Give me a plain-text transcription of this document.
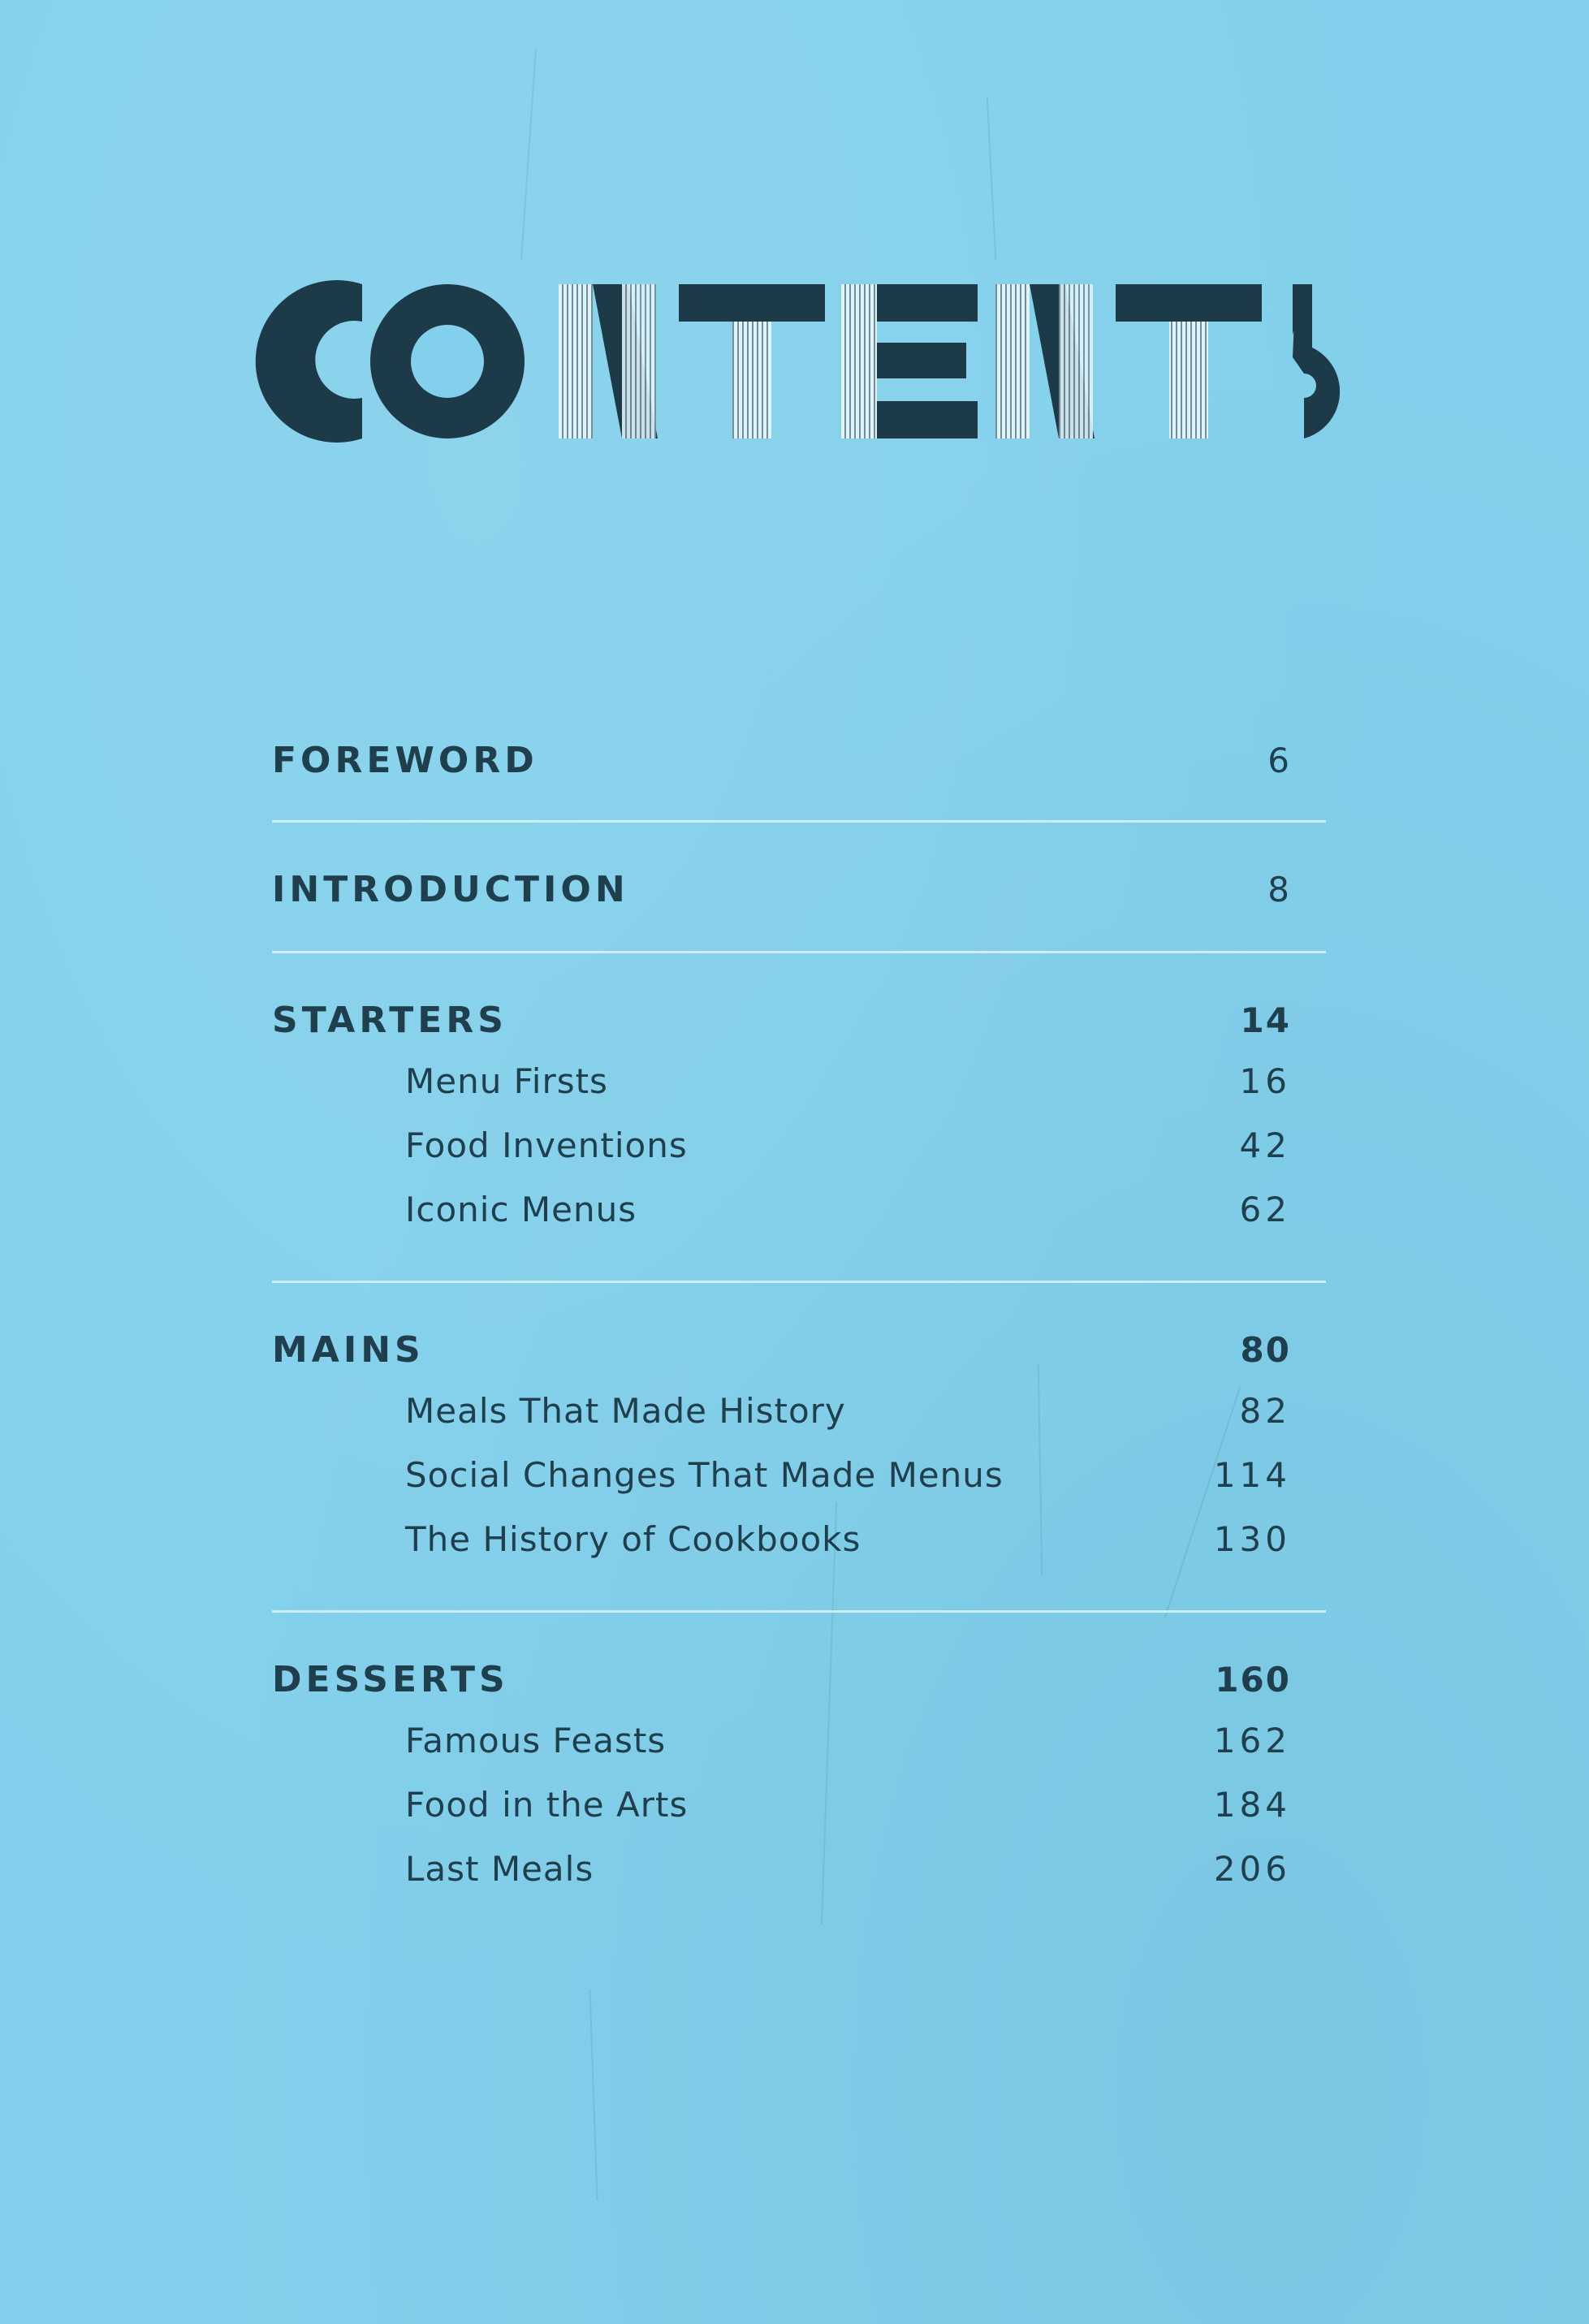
FOREWORD	6
INTRODUCTION	8
STARTERS	14
Menu Firsts	16
Food Inventions	42
Iconic Menus	62
MAINS	80
Meals That Made History	82
Social Changes That Made Menus	114
The History of Cookbooks	130
DESSERTS	160
Famous Feasts	162
Food in the Arts	184
Last Meals	206
